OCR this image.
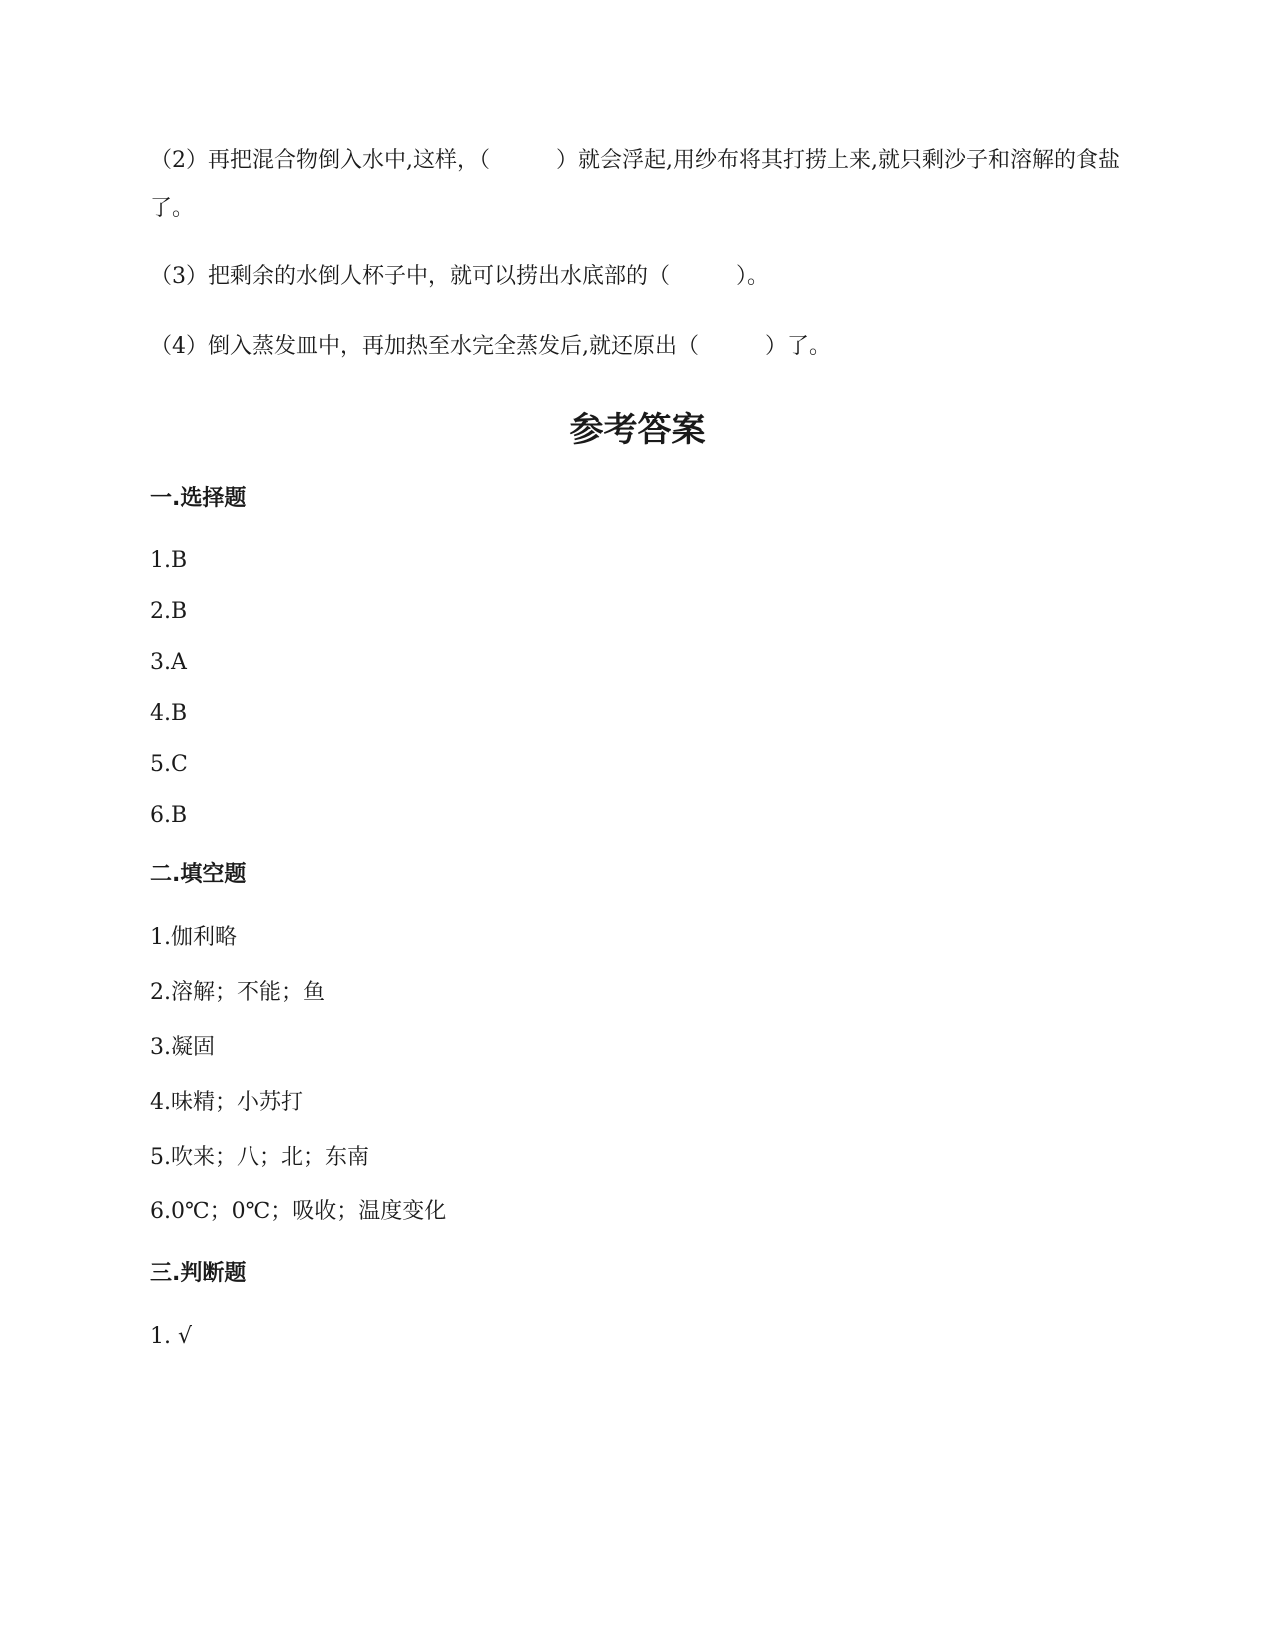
（2）再把混合物倒入水中,这样，（　　　）就会浮起,用纱布将其打捞上来,就只剩沙子和溶解的食盐了。
（3）把剩余的水倒人杯子中，就可以捞出水底部的（　　　）。
（4）倒入蒸发皿中，再加热至水完全蒸发后,就还原出（　　　）了。
参考答案
一.选择题
1.B
2.B
3.A
4.B
5.C
6.B
二.填空题
1.伽利略
2.溶解；不能；鱼
3.凝固
4.味精；小苏打
5.吹来；八；北；东南
6.0℃；0℃；吸收；温度变化
三.判断题
1. √
